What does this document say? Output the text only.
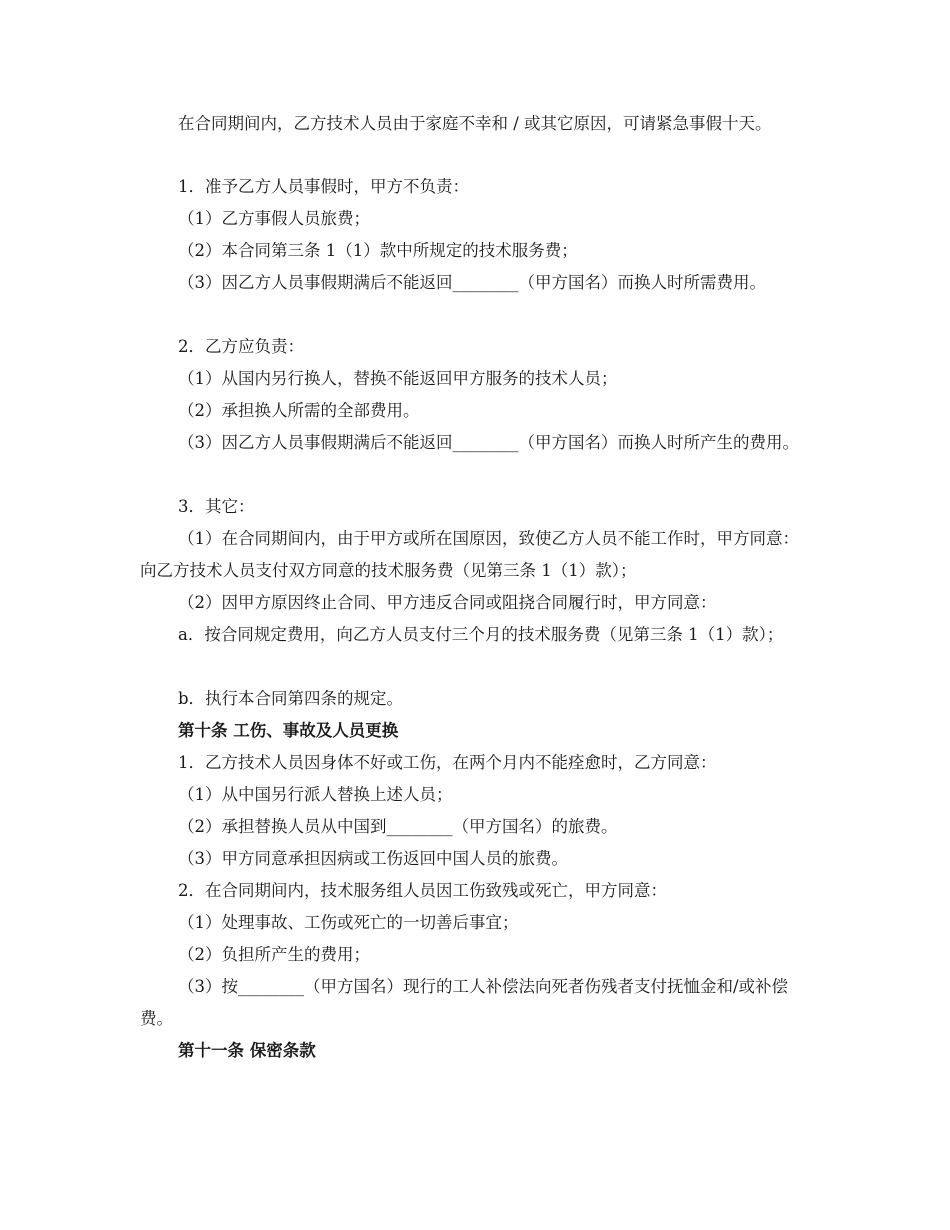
在合同期间内，乙方技术人员由于家庭不幸和 / 或其它原因，可请紧急事假十天。
1．准予乙方人员事假时，甲方不负责：
（1）乙方事假人员旅费；
（2）本合同第三条 1（1）款中所规定的技术服务费；
（3）因乙方人员事假期满后不能返回________（甲方国名）而换人时所需费用。
2．乙方应负责：
（1）从国内另行换人，替换不能返回甲方服务的技术人员；
（2）承担换人所需的全部费用。
（3）因乙方人员事假期满后不能返回________（甲方国名）而换人时所产生的费用。
3．其它：
（1）在合同期间内，由于甲方或所在国原因，致使乙方人员不能工作时，甲方同意：向乙方技术人员支付双方同意的技术服务费（见第三条 1（1）款）；
（2）因甲方原因终止合同、甲方违反合同或阻挠合同履行时，甲方同意：
a．按合同规定费用，向乙方人员支付三个月的技术服务费（见第三条 1（1）款）；
b．执行本合同第四条的规定。
第十条 工伤、事故及人员更换
1．乙方技术人员因身体不好或工伤，在两个月内不能痊愈时，乙方同意：
（1）从中国另行派人替换上述人员；
（2）承担替换人员从中国到________（甲方国名）的旅费。
（3）甲方同意承担因病或工伤返回中国人员的旅费。
2．在合同期间内，技术服务组人员因工伤致残或死亡，甲方同意：
（1）处理事故、工伤或死亡的一切善后事宜；
（2）负担所产生的费用；
（3）按________（甲方国名）现行的工人补偿法向死者伤残者支付抚恤金和/或补偿费。
第十一条 保密条款
